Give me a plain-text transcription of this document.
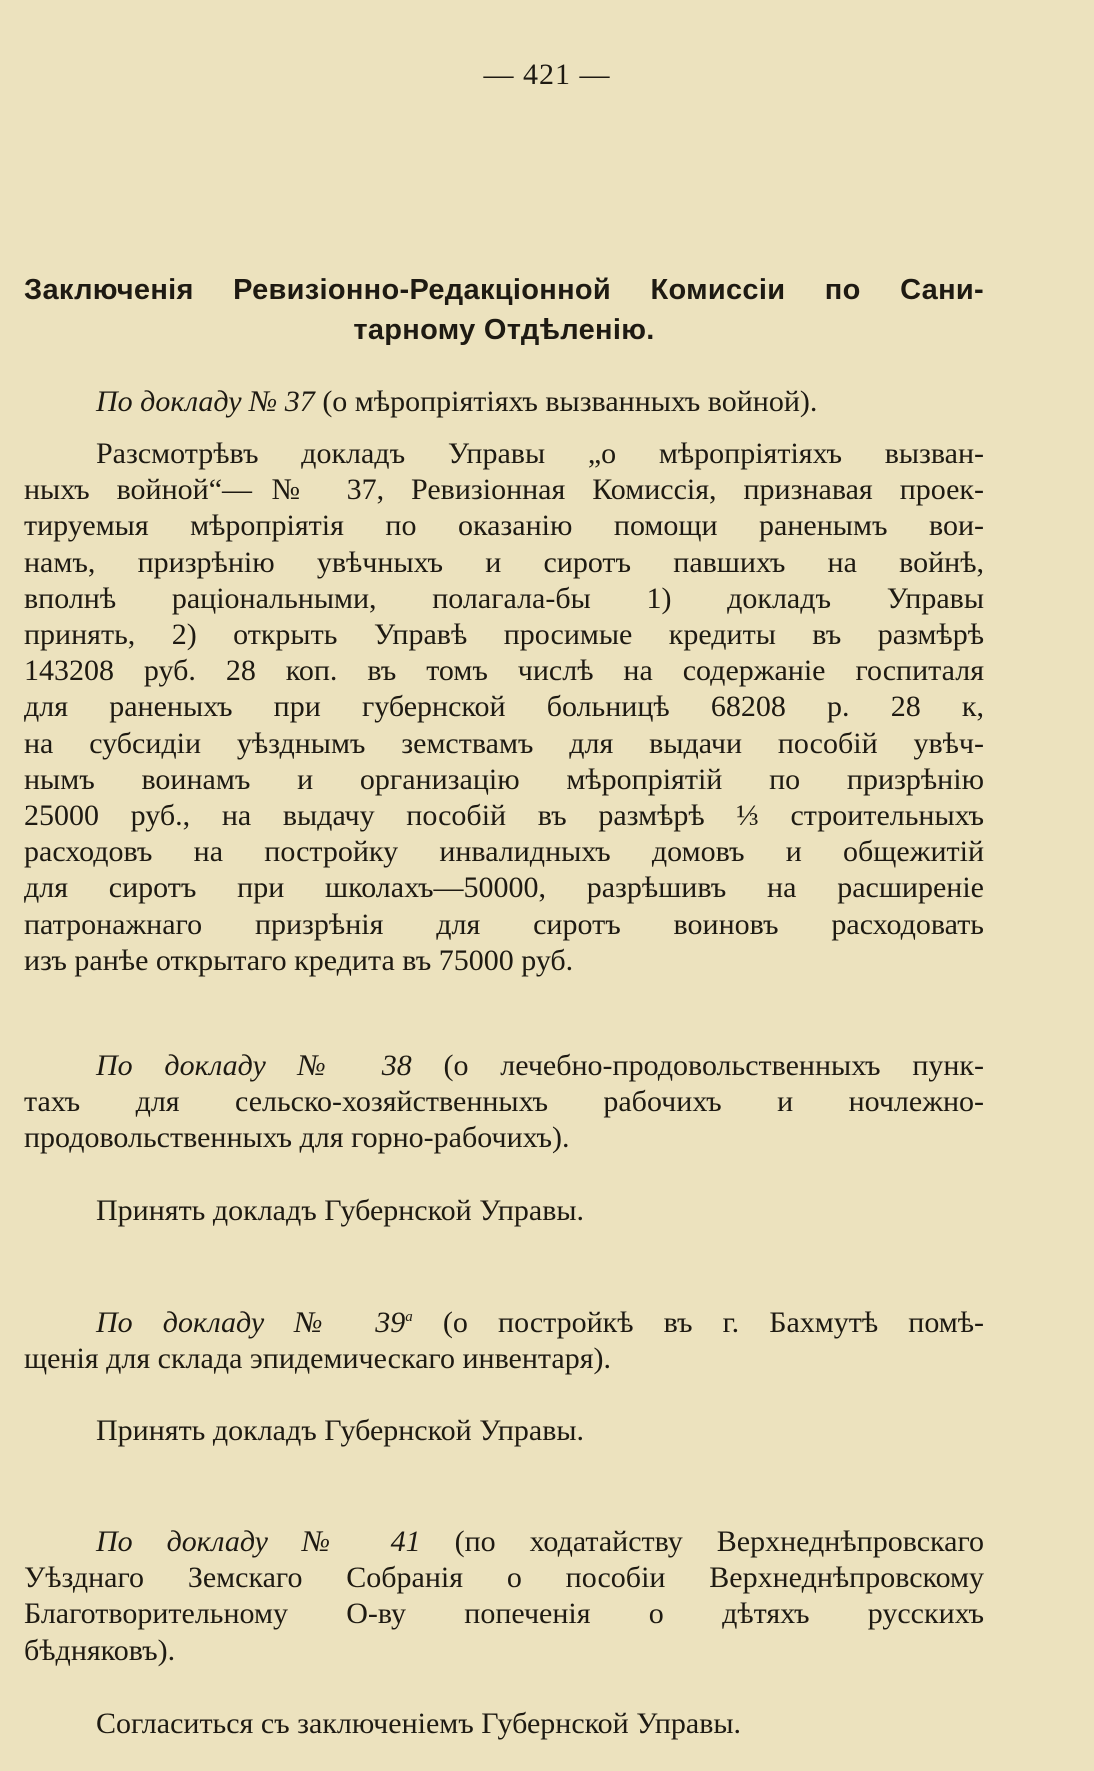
— 421 —
Заключенія Ревизіонно-Редакціонной Комиссіи по Сани-
тарному Отдѣленію.
По докладу № 37 (о мѣропріятіяхъ вызванныхъ войной).
Разсмотрѣвъ докладъ Управы „о мѣропріятіяхъ вызван-
ныхъ войной“—№ 37, Ревизіонная Комиссія, признавая проек-
тируемыя мѣропріятія по оказанію помощи раненымъ вои-
намъ, призрѣнію увѣчныхъ и сиротъ павшихъ на войнѣ,
вполнѣ раціональными, полагала-бы 1) докладъ Управы
принять, 2) открыть Управѣ просимые кредиты въ размѣрѣ
143208 руб. 28 коп. въ томъ числѣ на содержаніе госпиталя
для раненыхъ при губернской больницѣ 68208 р. 28 к,
на субсидіи уѣзднымъ земствамъ для выдачи пособій увѣч-
нымъ воинамъ и организацію мѣропріятій по призрѣнію
25000 руб., на выдачу пособій въ размѣрѣ ⅓ строительныхъ
расходовъ на постройку инвалидныхъ домовъ и общежитій
для сиротъ при школахъ—50000, разрѣшивъ на расширеніе
патронажнаго призрѣнія для сиротъ воиновъ расходовать
изъ ранѣе открытаго кредита въ 75000 руб.
По докладу № 38 (о лечебно-продовольственныхъ пунк-
тахъ для сельско-хозяйственныхъ рабочихъ и ночлежно-
продовольственныхъ для горно-рабочихъ).
Принять докладъ Губернской Управы.
По докладу № $39^а$ (о постройкѣ въ г. Бахмутѣ помѣ-
щенія для склада эпидемическаго инвентаря).
Принять докладъ Губернской Управы.
По докладу № 41 (по ходатайству Верхнеднѣпровскаго
Уѣзднаго Земскаго Собранія о пособіи Верхнеднѣпровскому
Благотворительному О-ву попеченія о дѣтяхъ русскихъ
бѣдняковъ).
Согласиться съ заключеніемъ Губернской Управы.
